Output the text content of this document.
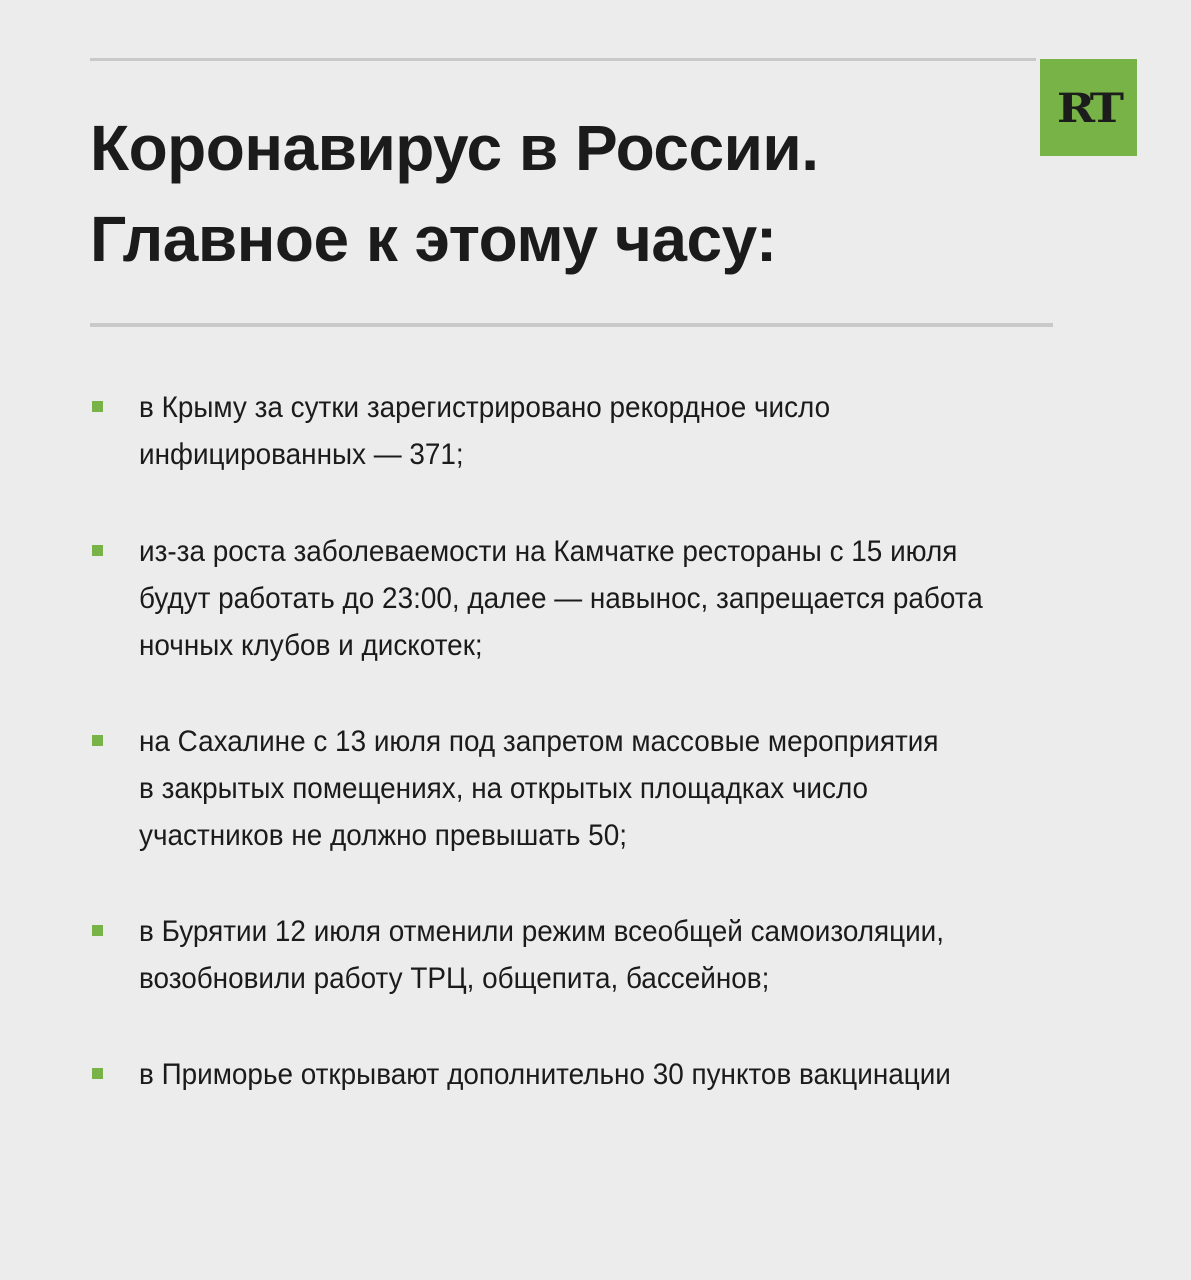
RT
Коронавирус в России.
Главное к этому часу:
в Крыму за сутки зарегистрировано рекордное число
инфицированных — 371;
из-за роста заболеваемости на Камчатке рестораны с 15 июля
будут работать до 23:00, далее — навынос, запрещается работа
ночных клубов и дискотек;
на Сахалине с 13 июля под запретом массовые мероприятия
в закрытых помещениях, на открытых площадках число
участников не должно превышать 50;
в Бурятии 12 июля отменили режим всеобщей самоизоляции,
возобновили работу ТРЦ, общепита, бассейнов;
в Приморье открывают дополнительно 30 пунктов вакцинации
